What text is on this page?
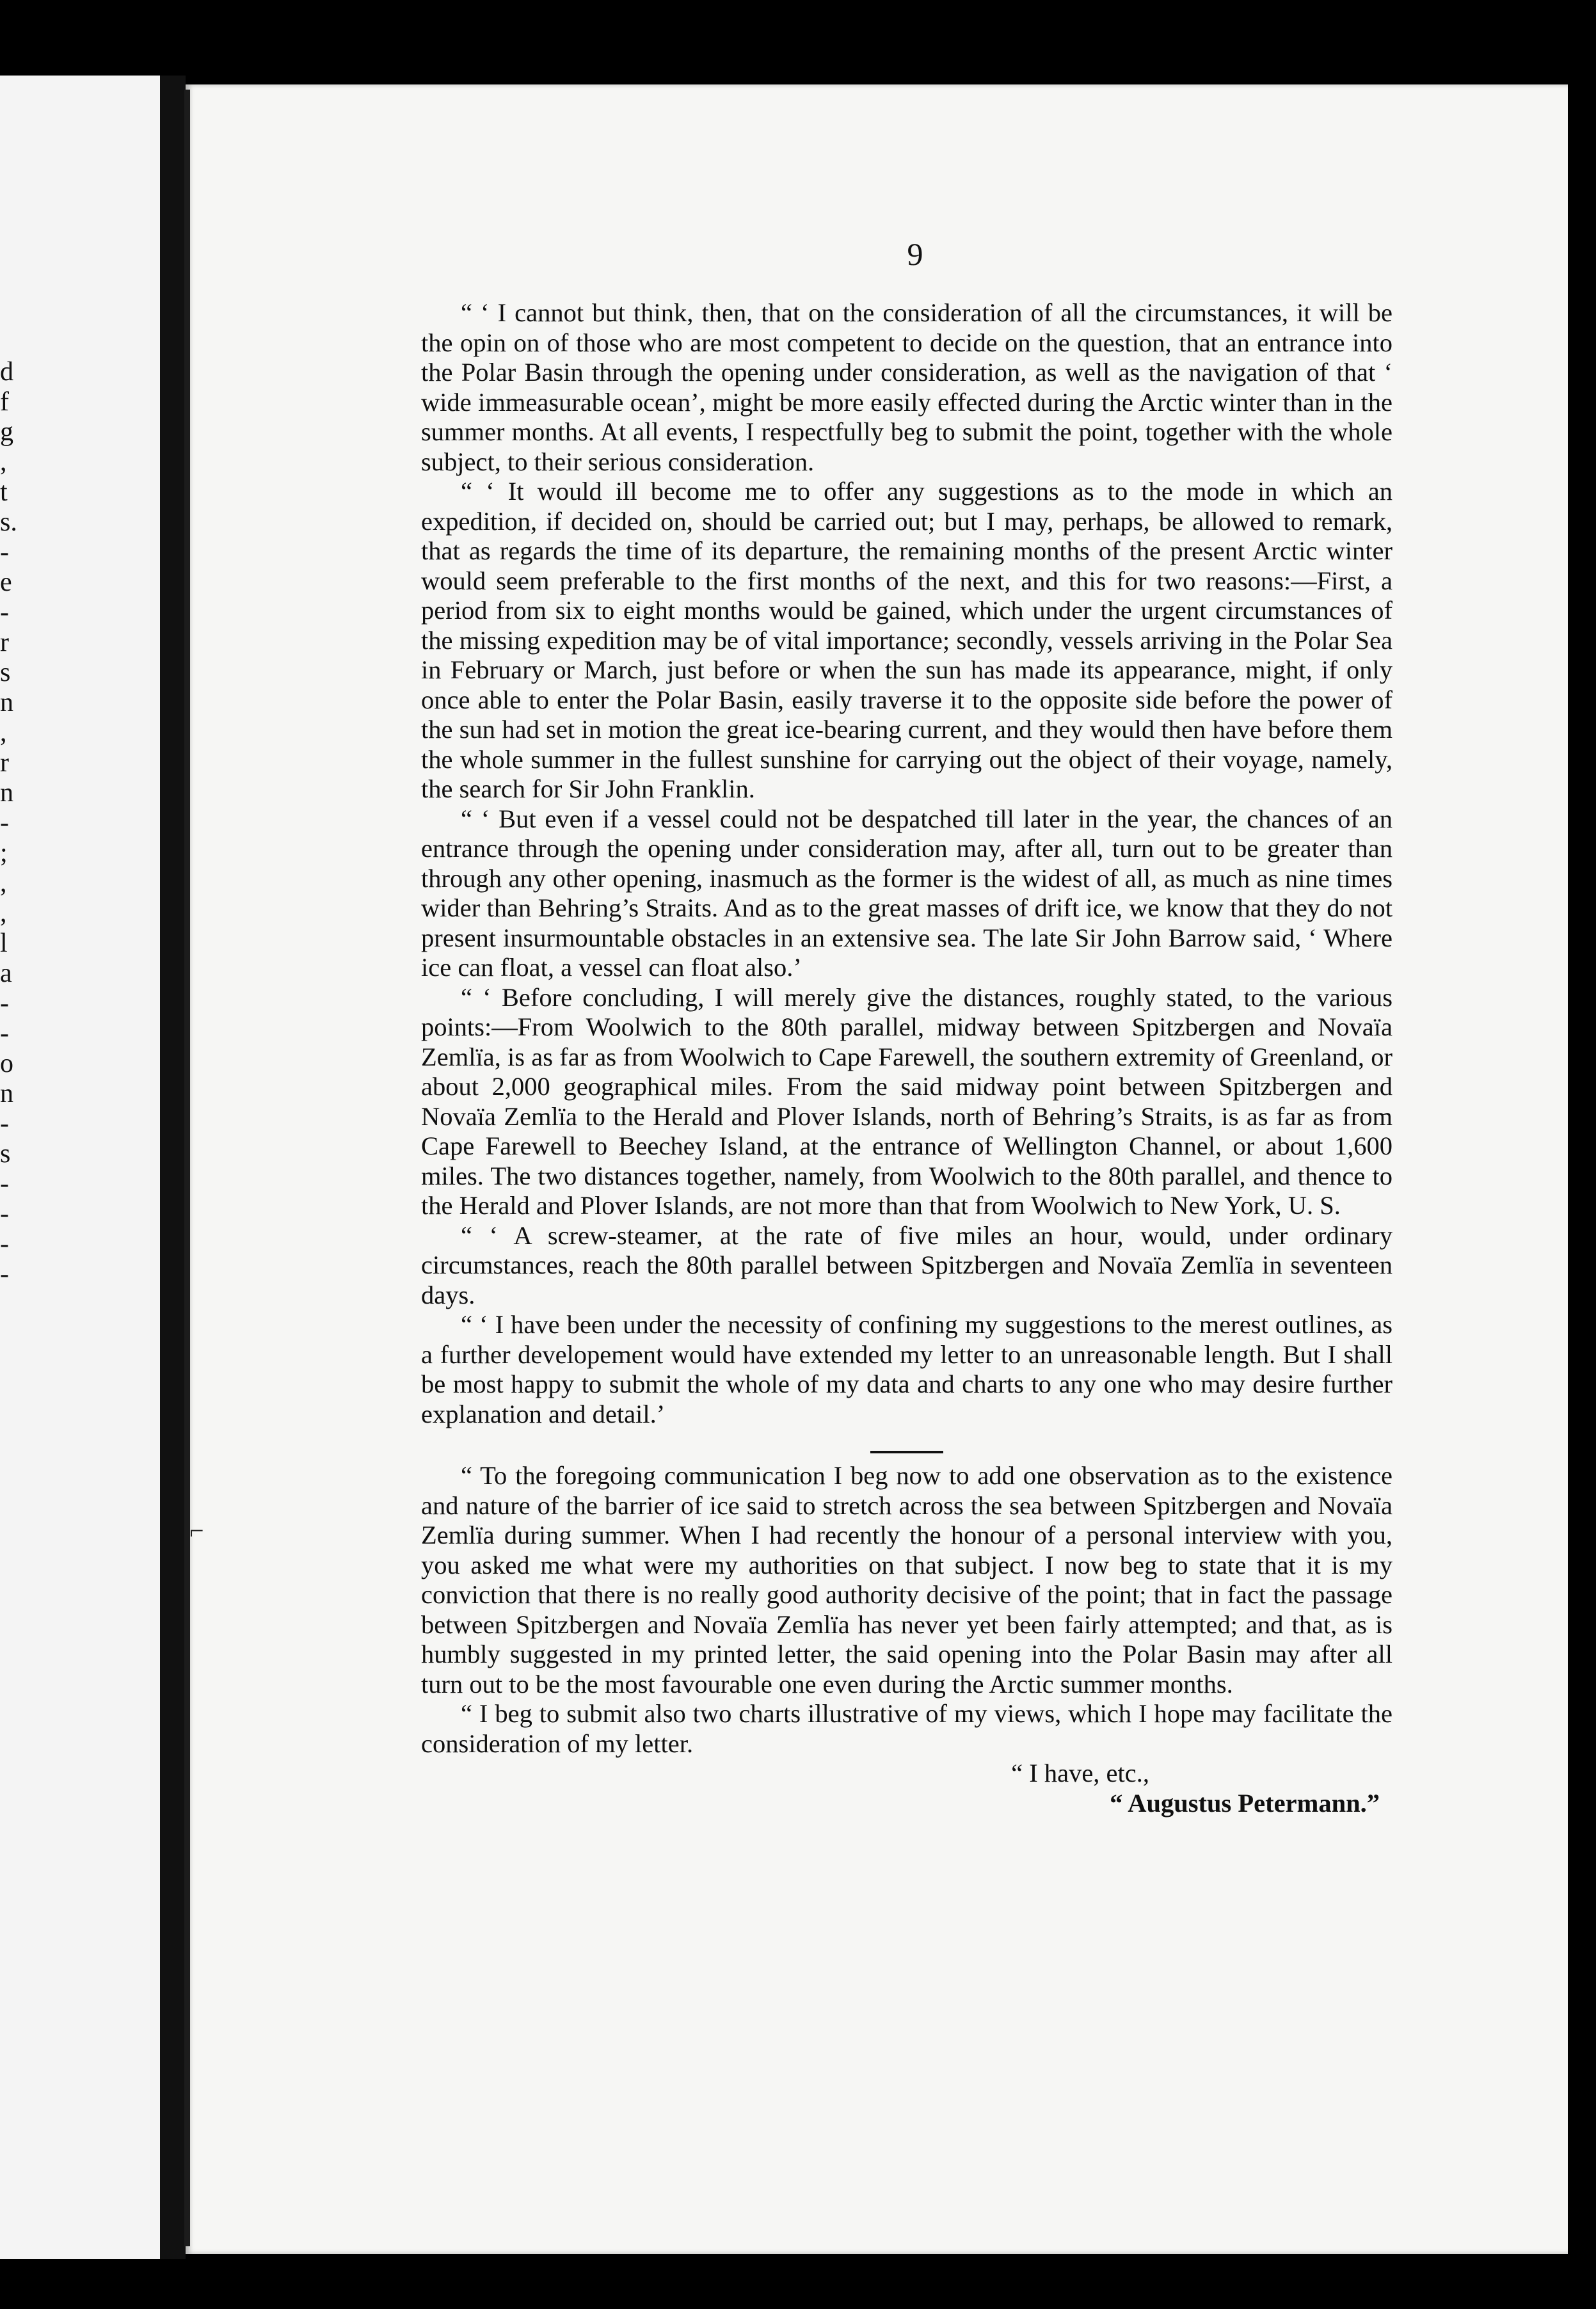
d
f
g
,
t
s.
-
e
-
r
s
n
,
r
n
-
;
,
,
l
a
-
-
o
n
-
s
-
-
-
-
⌐
9

“ ‘ I cannot but think, then, that on the consideration of all the circumstances, it will be the opin on of those who are most competent to decide on the question, that an entrance into the Polar Basin through the opening under consideration, as well as the navigation of that ‘ wide immeasurable ocean’, might be more easily effected during the Arctic winter than in the summer months. At all events, I respectfully beg to submit the point, together with the whole subject, to their serious consideration.

“ ‘ It would ill become me to offer any suggestions as to the mode in which an expedition, if decided on, should be carried out; but I may, perhaps, be allowed to remark, that as regards the time of its departure, the remaining months of the present Arctic winter would seem preferable to the first months of the next, and this for two reasons:—First, a period from six to eight months would be gained, which under the urgent circumstances of the missing expedition may be of vital importance; secondly, vessels arriving in the Polar Sea in February or March, just before or when the sun has made its appearance, might, if only once able to enter the Polar Basin, easily traverse it to the opposite side before the power of the sun had set in motion the great ice-bearing current, and they would then have before them the whole summer in the fullest sunshine for carrying out the object of their voyage, namely, the search for Sir John Franklin.

“ ‘ But even if a vessel could not be despatched till later in the year, the chances of an entrance through the opening under consideration may, after all, turn out to be greater than through any other opening, inasmuch as the former is the widest of all, as much as nine times wider than Behring’s Straits. And as to the great masses of drift ice, we know that they do not present insurmountable obstacles in an extensive sea. The late Sir John Barrow said, ‘ Where ice can float, a vessel can float also.’

“ ‘ Before concluding, I will merely give the distances, roughly stated, to the various points:—From Woolwich to the 80th parallel, midway between Spitzbergen and Novaïa Zemlïa, is as far as from Woolwich to Cape Farewell, the southern extremity of Greenland, or about 2,000 geographical miles. From the said midway point between Spitzbergen and Novaïa Zemlïa to the Herald and Plover Islands, north of Behring’s Straits, is as far as from Cape Farewell to Beechey Island, at the entrance of Wellington Channel, or about 1,600 miles. The two distances together, namely, from Woolwich to the 80th parallel, and thence to the Herald and Plover Islands, are not more than that from Woolwich to New York, U. S.

“ ‘ A screw-steamer, at the rate of five miles an hour, would, under ordinary circumstances, reach the 80th parallel between Spitzbergen and Novaïa Zemlïa in seventeen days.

“ ‘ I have been under the necessity of confining my suggestions to the merest outlines, as a further developement would have extended my letter to an unreasonable length. But I shall be most happy to submit the whole of my data and charts to any one who may desire further explanation and detail.’

“ To the foregoing communication I beg now to add one observation as to the existence and nature of the barrier of ice said to stretch across the sea between Spitzbergen and Novaïa Zemlïa during summer. When I had recently the honour of a personal interview with you, you asked me what were my authorities on that subject. I now beg to state that it is my conviction that there is no really good authority decisive of the point; that in fact the passage between Spitzbergen and Novaïa Zemlïa has never yet been fairly attempted; and that, as is humbly suggested in my printed letter, the said opening into the Polar Basin may after all turn out to be the most favourable one even during the Arctic summer months.

“ I beg to submit also two charts illustrative of my views, which I hope may facilitate the consideration of my letter.

“ I have, etc.,

“ Augustus Petermann.”
